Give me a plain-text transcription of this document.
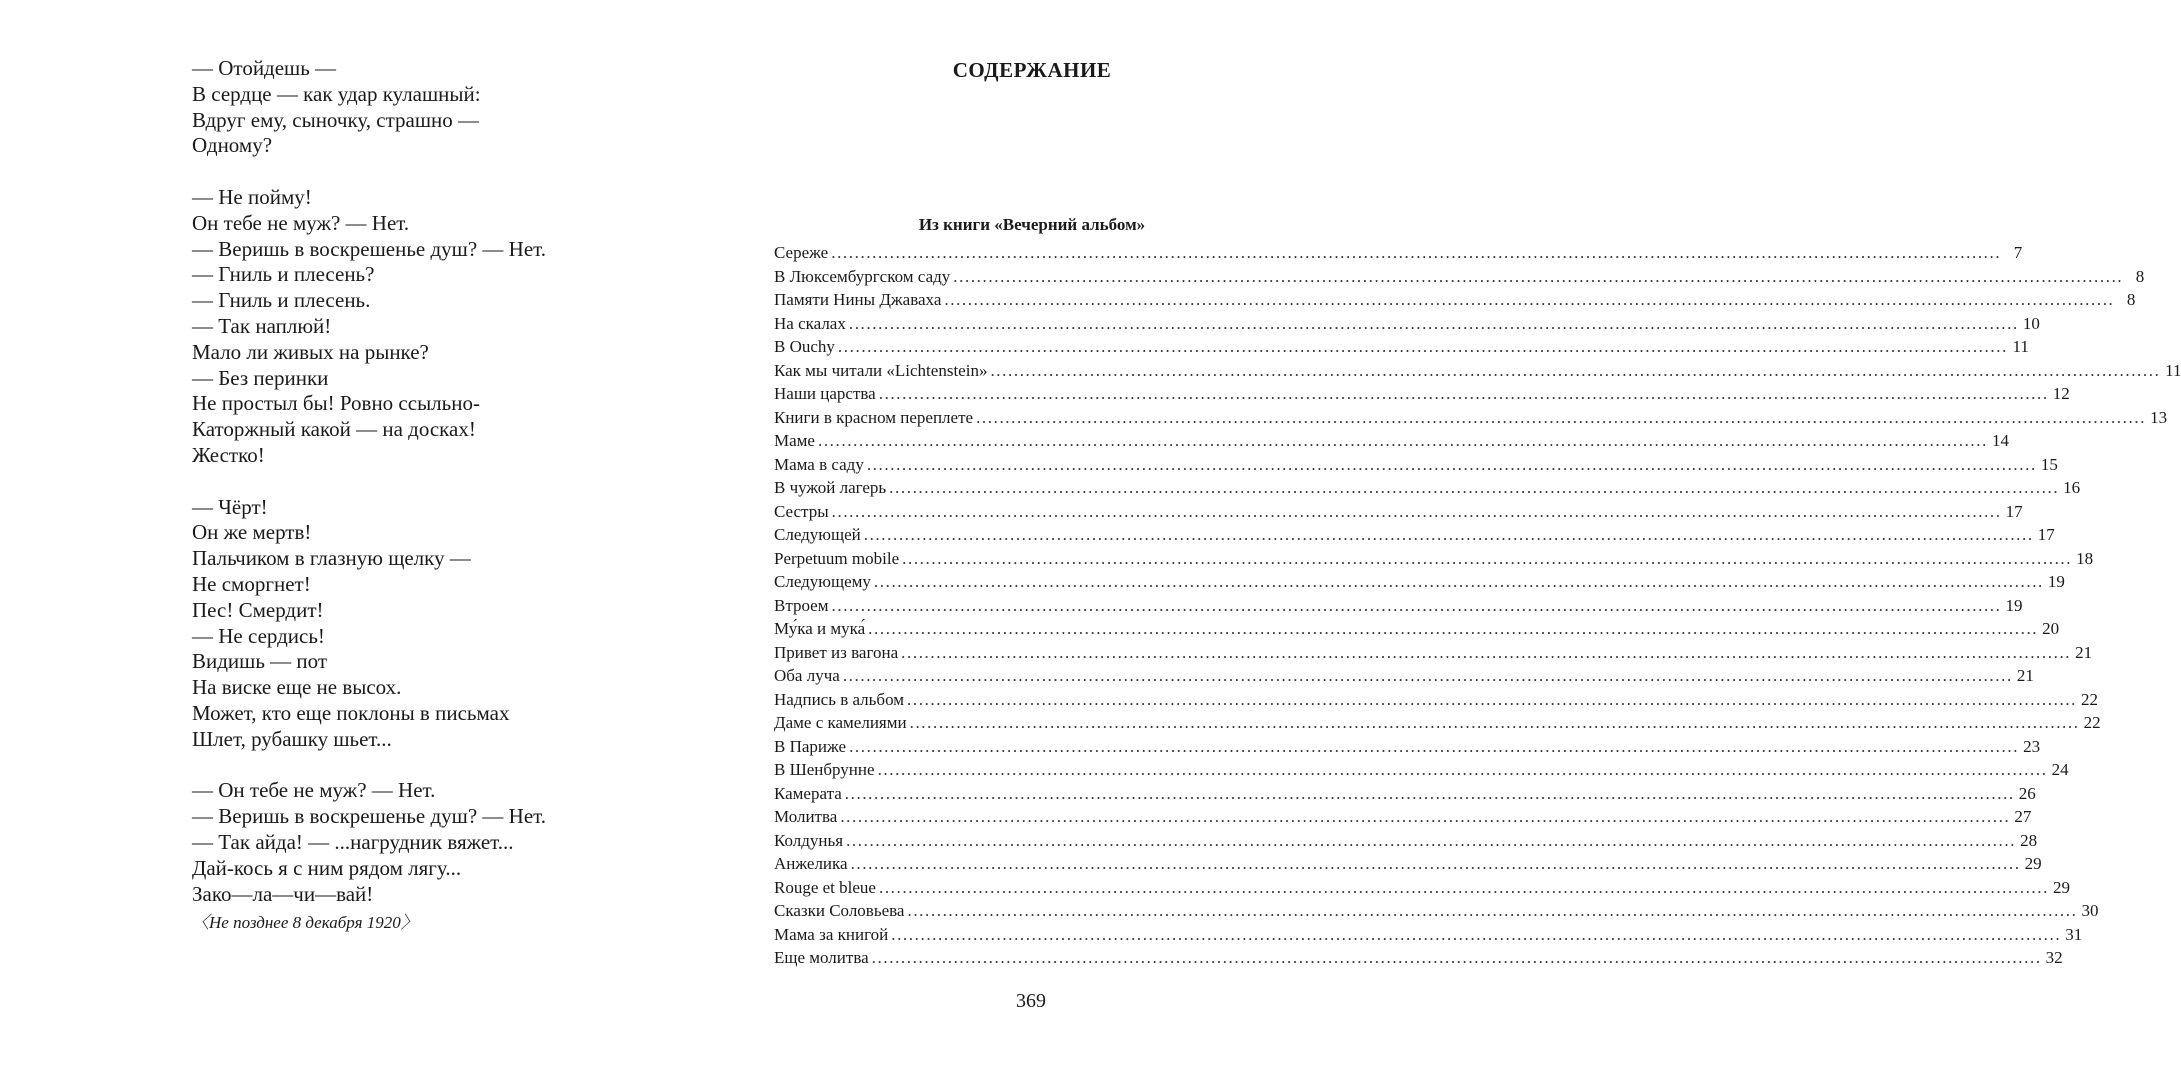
— Отойдешь —
В сердце — как удар кулашный:
Вдруг ему, сыночку, страшно —
Одному?
— Не пойму!
Он тебе не муж? — Нет.
— Веришь в воскрешенье душ? — Нет.
— Гниль и плесень?
— Гниль и плесень.
— Так наплюй!
Мало ли живых на рынке?
— Без перинки
Не простыл бы! Ровно ссыльно-
Каторжный какой — на досках!
Жестко!
— Чёрт!
Он же мертв!
Пальчиком в глазную щелку —
Не сморгнет!
Пес! Смердит!
— Не сердись!
Видишь — пот
На виске еще не высох.
Может, кто еще поклоны в письмах
Шлет, рубашку шьет...
— Он тебе не муж? — Нет.
— Веришь в воскрешенье душ? — Нет.
— Так айда! — ...нагрудник вяжет...
Дай-кось я с ним рядом лягу...
Зако—ла—чи—вай!
〈Не позднее 8 декабря 1920〉
СОДЕРЖАНИЕ
Из книги «Вечерний альбом»
Сереже ........................................................................................................................................................................................................ 7
В Люксембургском саду ........................................................................................................................................................................................................ 8
Памяти Нины Джаваха ........................................................................................................................................................................................................ 8
На скалах ........................................................................................................................................................................................................ 10
В Ouchy ........................................................................................................................................................................................................ 11
Как мы читали «Lichtenstein» ........................................................................................................................................................................................................ 11
Наши царства ........................................................................................................................................................................................................ 12
Книги в красном переплете ........................................................................................................................................................................................................ 13
Маме ........................................................................................................................................................................................................ 14
Мама в саду ........................................................................................................................................................................................................ 15
В чужой лагерь ........................................................................................................................................................................................................ 16
Сестры ........................................................................................................................................................................................................ 17
Следующей ........................................................................................................................................................................................................ 17
Perpetuum mobile ........................................................................................................................................................................................................ 18
Следующему ........................................................................................................................................................................................................ 19
Втроем ........................................................................................................................................................................................................ 19
Му́ка и мука́ ........................................................................................................................................................................................................ 20
Привет из вагона ........................................................................................................................................................................................................ 21
Оба луча ........................................................................................................................................................................................................ 21
Надпись в альбом ........................................................................................................................................................................................................ 22
Даме с камелиями ........................................................................................................................................................................................................ 22
В Париже ........................................................................................................................................................................................................ 23
В Шенбрунне ........................................................................................................................................................................................................ 24
Камерата ........................................................................................................................................................................................................ 26
Молитва ........................................................................................................................................................................................................ 27
Колдунья ........................................................................................................................................................................................................ 28
Анжелика ........................................................................................................................................................................................................ 29
Rouge et bleue ........................................................................................................................................................................................................ 29
Сказки Соловьева ........................................................................................................................................................................................................ 30
Мама за книгой ........................................................................................................................................................................................................ 31
Еще молитва ........................................................................................................................................................................................................ 32
369
